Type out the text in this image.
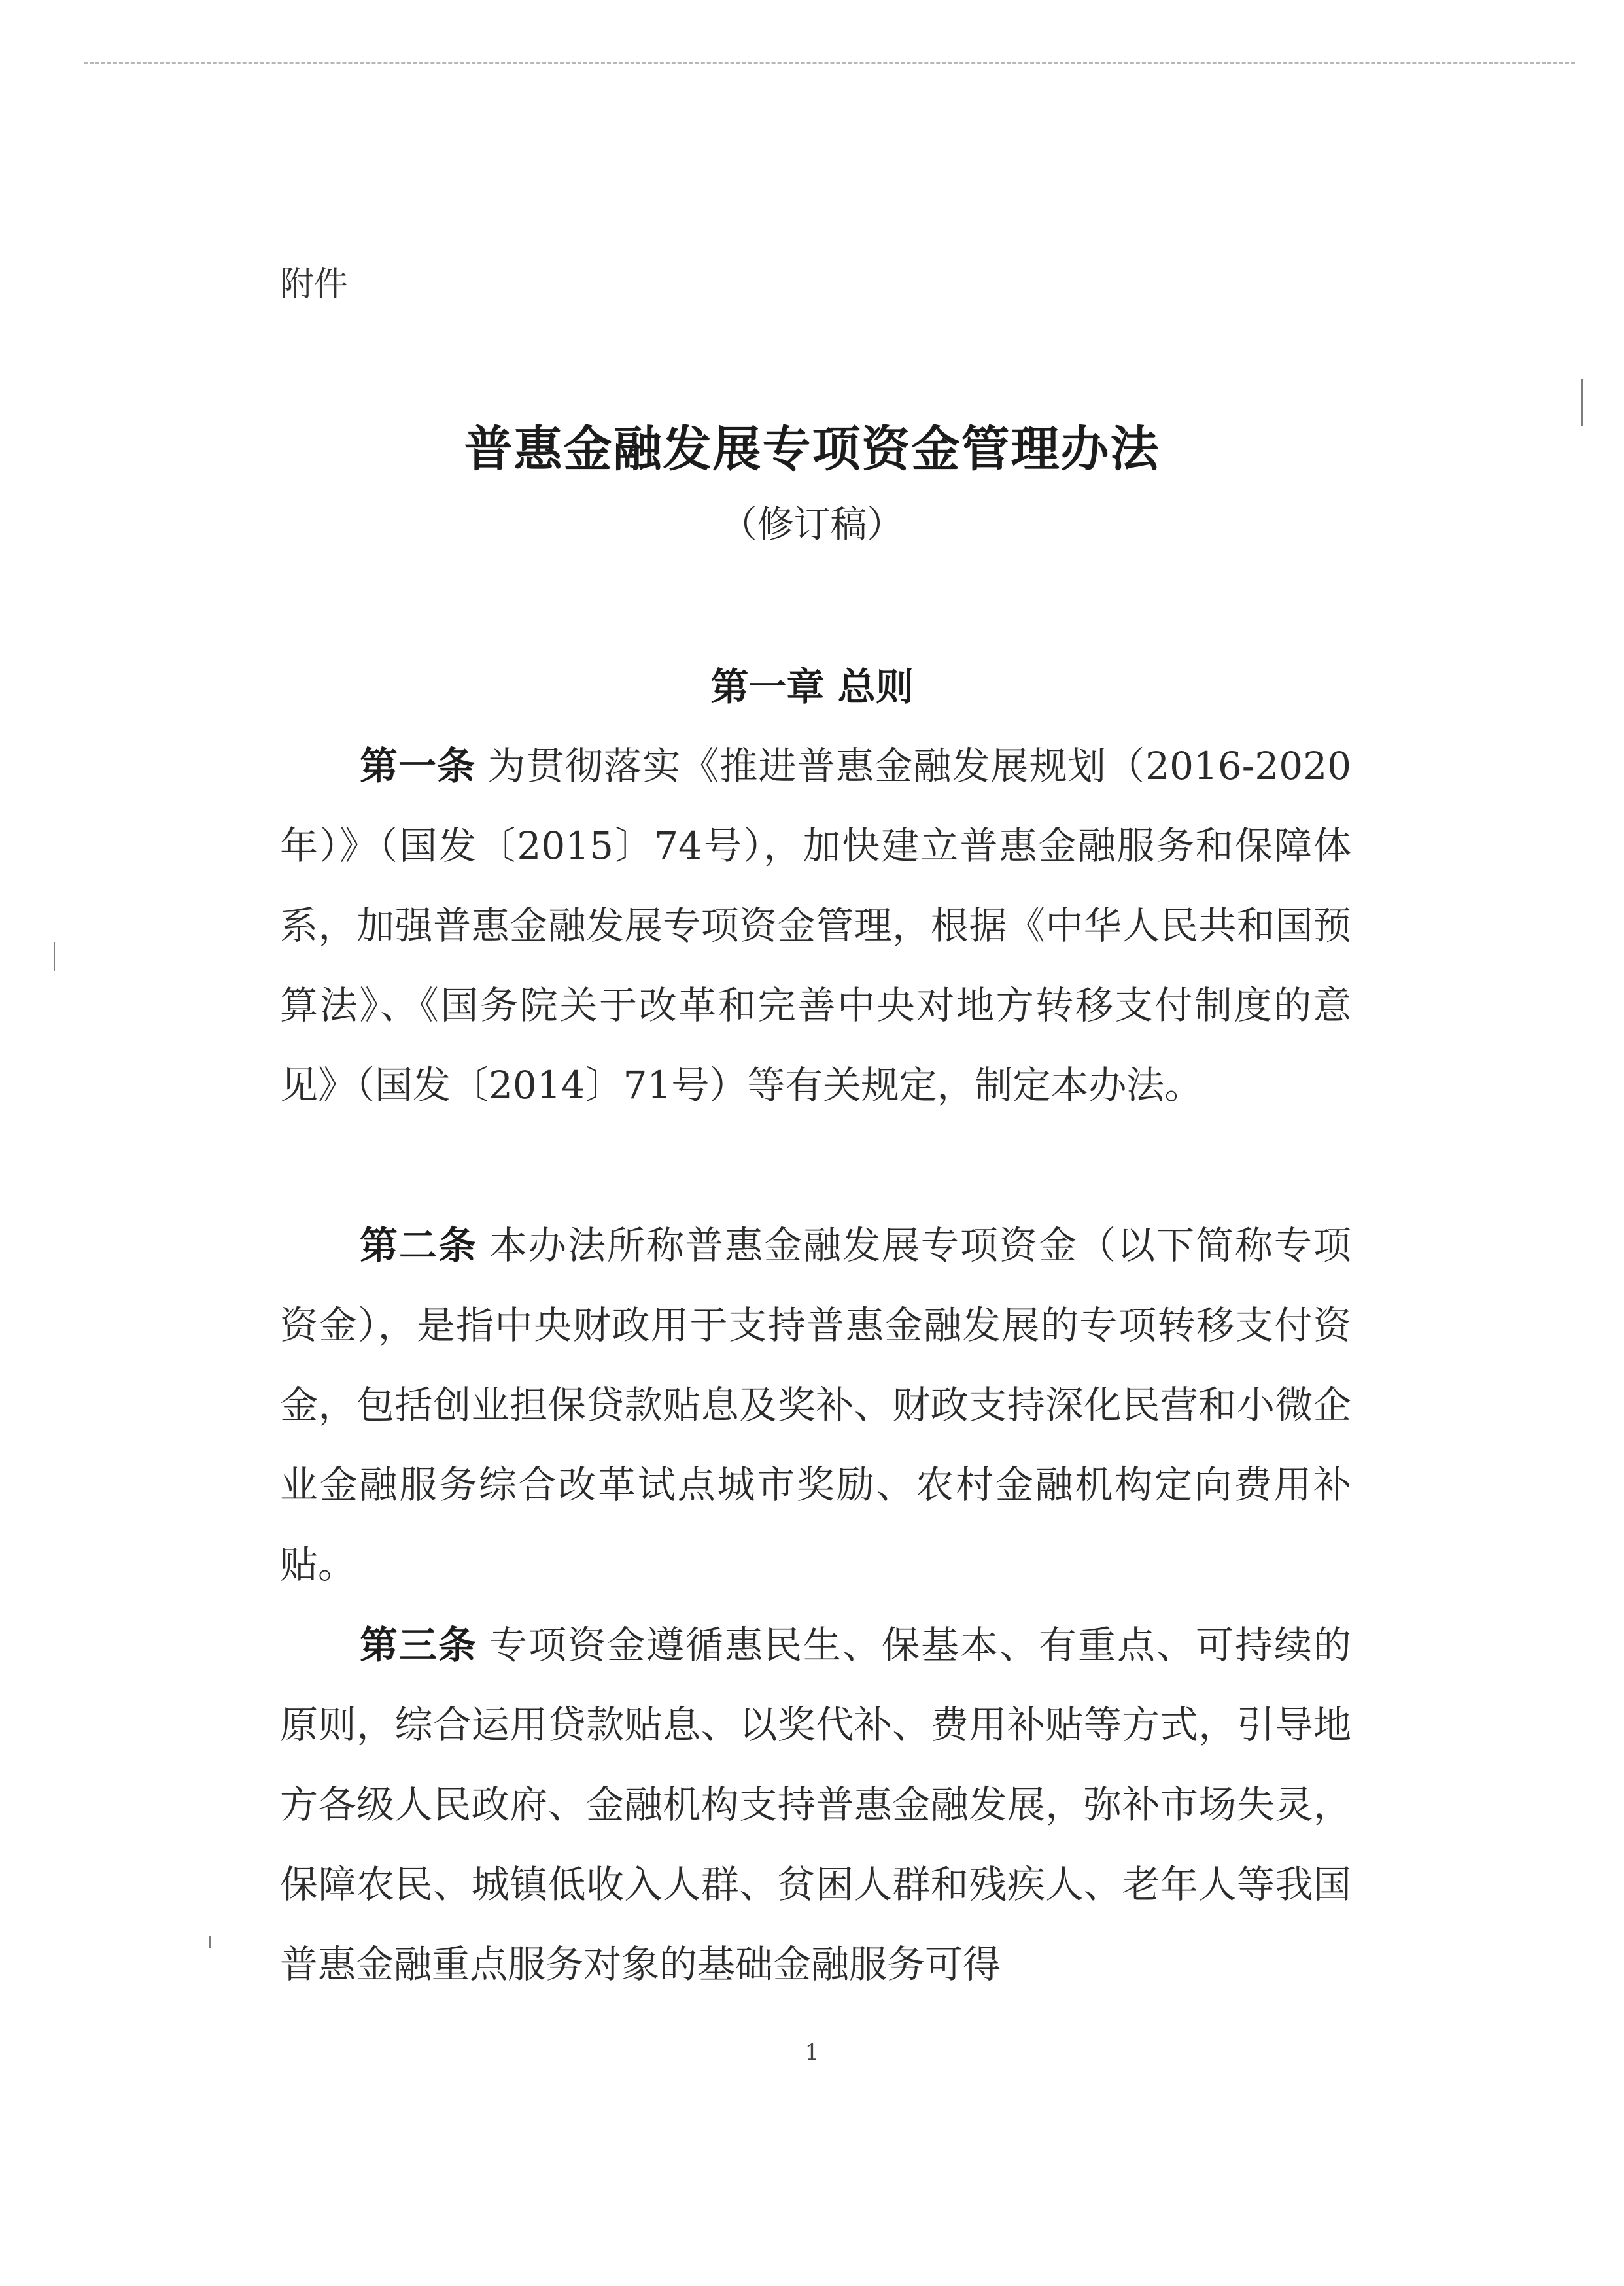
附件
普惠金融发展专项资金管理办法
（修订稿）
第一章 总则
第一条 为贯彻落实《推进普惠金融发展规划（2016-2020年）》（国发〔2015〕74号），加快建立普惠金融服务和保障体系，加强普惠金融发展专项资金管理，根据《中华人民共和国预算法》、《国务院关于改革和完善中央对地方转移支付制度的意见》（国发〔2014〕71号）等有关规定，制定本办法。
第二条 本办法所称普惠金融发展专项资金（以下简称专项资金），是指中央财政用于支持普惠金融发展的专项转移支付资金，包括创业担保贷款贴息及奖补、财政支持深化民营和小微企业金融服务综合改革试点城市奖励、农村金融机构定向费用补贴。
第三条 专项资金遵循惠民生、保基本、有重点、可持续的原则，综合运用贷款贴息、以奖代补、费用补贴等方式，引导地方各级人民政府、金融机构支持普惠金融发展，弥补市场失灵，保障农民、城镇低收入人群、贫困人群和残疾人、老年人等我国普惠金融重点服务对象的基础金融服务可得
1
